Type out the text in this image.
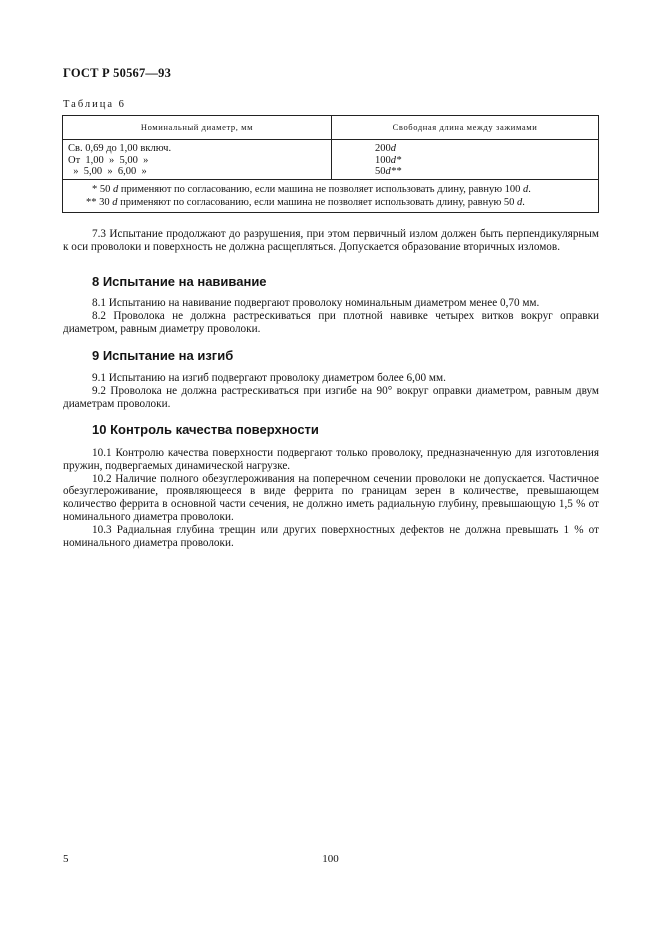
ГОСТ Р 50567—93
Таблица 6
Номинальный диаметр, мм	Свободная длина между зажимами
Св. 0,69 до 1,00 включ.
От  1,00  »  5,00  »
»  5,00  »  6,00  »
200d
100d*
50d**
* 50 d применяют по согласованию, если машина не позволяет использовать длину, равную 100 d.
** 30 d применяют по согласованию, если машина не позволяет использовать длину, равную 50 d.

7.3 Испытание продолжают до разрушения, при этом первичный излом должен быть перпендикулярным к оси проволоки и поверхность не должна расщепляться. Допускается образование вторичных изломов.

8 Испытание на навивание

8.1 Испытанию на навивание подвергают проволоку номинальным диаметром менее 0,70 мм.

8.2 Проволока не должна растрескиваться при плотной навивке четырех витков вокруг оправки диаметром, равным диаметру проволоки.

9 Испытание на изгиб

9.1 Испытанию на изгиб подвергают проволоку диаметром более 6,00 мм.

9.2 Проволока не должна растрескиваться при изгибе на 90° вокруг оправки диаметром, равным двум диаметрам проволоки.

10 Контроль качества поверхности

10.1 Контролю качества поверхности подвергают только проволоку, предназначенную для изготовления пружин, подвергаемых динамической нагрузке.

10.2 Наличие полного обезуглероживания на поперечном сечении проволоки не допускается. Частичное обезуглероживание, проявляющееся в виде феррита по границам зерен в количестве, превышающем количество феррита в основной части сечения, не должно иметь радиальную глубину, превышающую 1,5 % от номинального диаметра проволоки.

10.3 Радиальная глубина трещин или других поверхностных дефектов не должна превышать 1 % от номинального диаметра проволоки.

5	100
